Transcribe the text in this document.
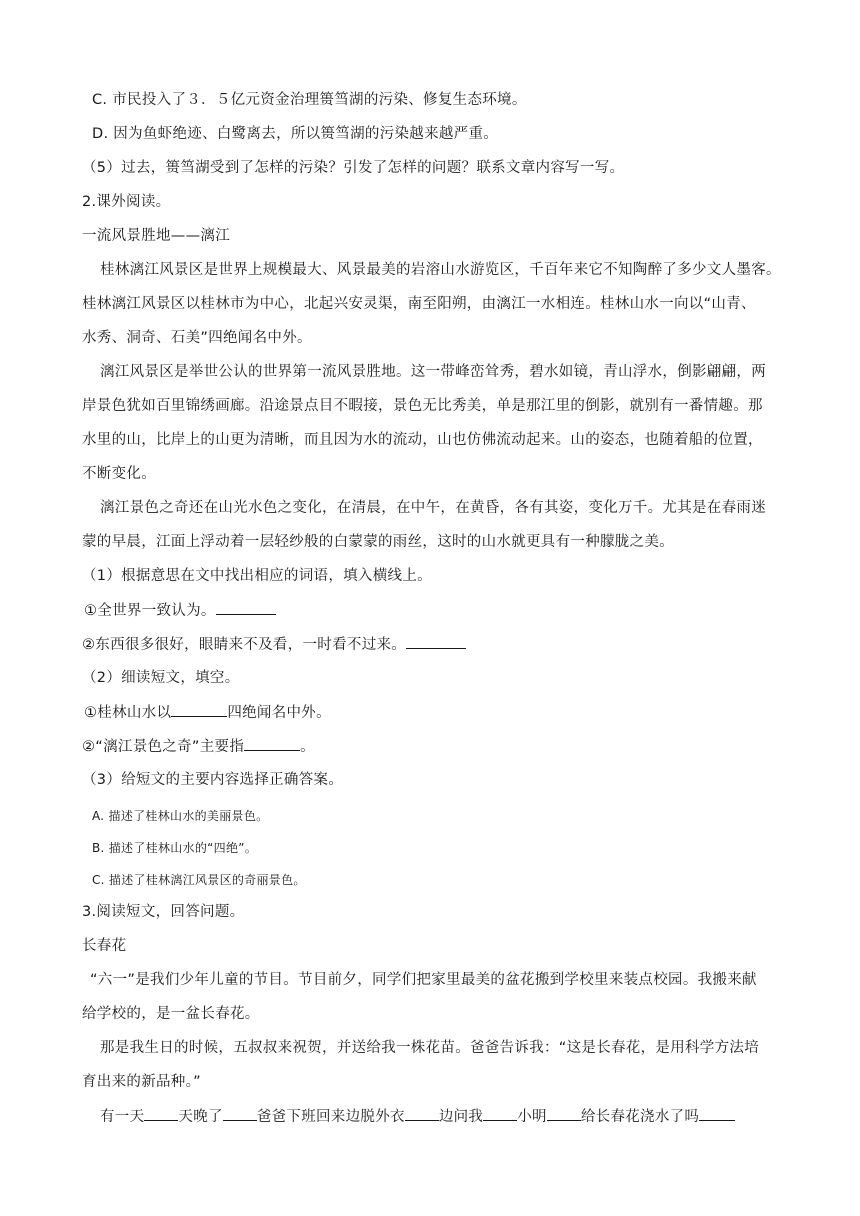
C. 市民投入了３．５亿元资金治理篑筜湖的污染、修复生态环境。
D. 因为鱼虾绝迹、白鹭离去，所以篑筜湖的污染越来越严重。
（5）过去，篑筜湖受到了怎样的污染？引发了怎样的问题？联系文章内容写一写。
2.课外阅读。
一流风景胜地——漓江
桂林漓江风景区是世界上规模最大、风景最美的岩溶山水游览区，千百年来它不知陶醉了多少文人墨客。
桂林漓江风景区以桂林市为中心，北起兴安灵渠，南至阳朔，由漓江一水相连。桂林山水一向以“山青、
水秀、洞奇、石美”四绝闻名中外。
漓江风景区是举世公认的世界第一流风景胜地。这一带峰峦耸秀，碧水如镜，青山浮水，倒影翩翩，两
岸景色犹如百里锦绣画廊。沿途景点目不暇接，景色无比秀美，单是那江里的倒影，就别有一番情趣。那
水里的山，比岸上的山更为清晰，而且因为水的流动，山也仿佛流动起来。山的姿态，也随着船的位置，
不断变化。
漓江景色之奇还在山光水色之变化，在清晨，在中午，在黄昏，各有其姿，变化万千。尤其是在春雨迷
蒙的早晨，江面上浮动着一层轻纱般的白蒙蒙的雨丝，这时的山水就更具有一种朦胧之美。
（1）根据意思在文中找出相应的词语，填入横线上。
①全世界一致认为。
②东西很多很好，眼睛来不及看，一时看不过来。
（2）细读短文，填空。
①桂林山水以	四绝闻名中外。
②“漓江景色之奇”主要指	。
（3）给短文的主要内容选择正确答案。
A. 描述了桂林山水的美丽景色。
B. 描述了桂林山水的“四绝”。
C. 描述了桂林漓江风景区的奇丽景色。
3.阅读短文，回答问题。
长春花
“六一”是我们少年儿童的节目。节目前夕，同学们把家里最美的盆花搬到学校里来装点校园。我搬来献
给学校的，是一盆长春花。
那是我生日的时候，五叔叔来祝贺，并送给我一株花苗。爸爸告诉我：“这是长春花，是用科学方法培
育出来的新品种。”
有一天 天晚了 爸爸下班回来边脱外衣 边问我 小明 给长春花浇水了吗
